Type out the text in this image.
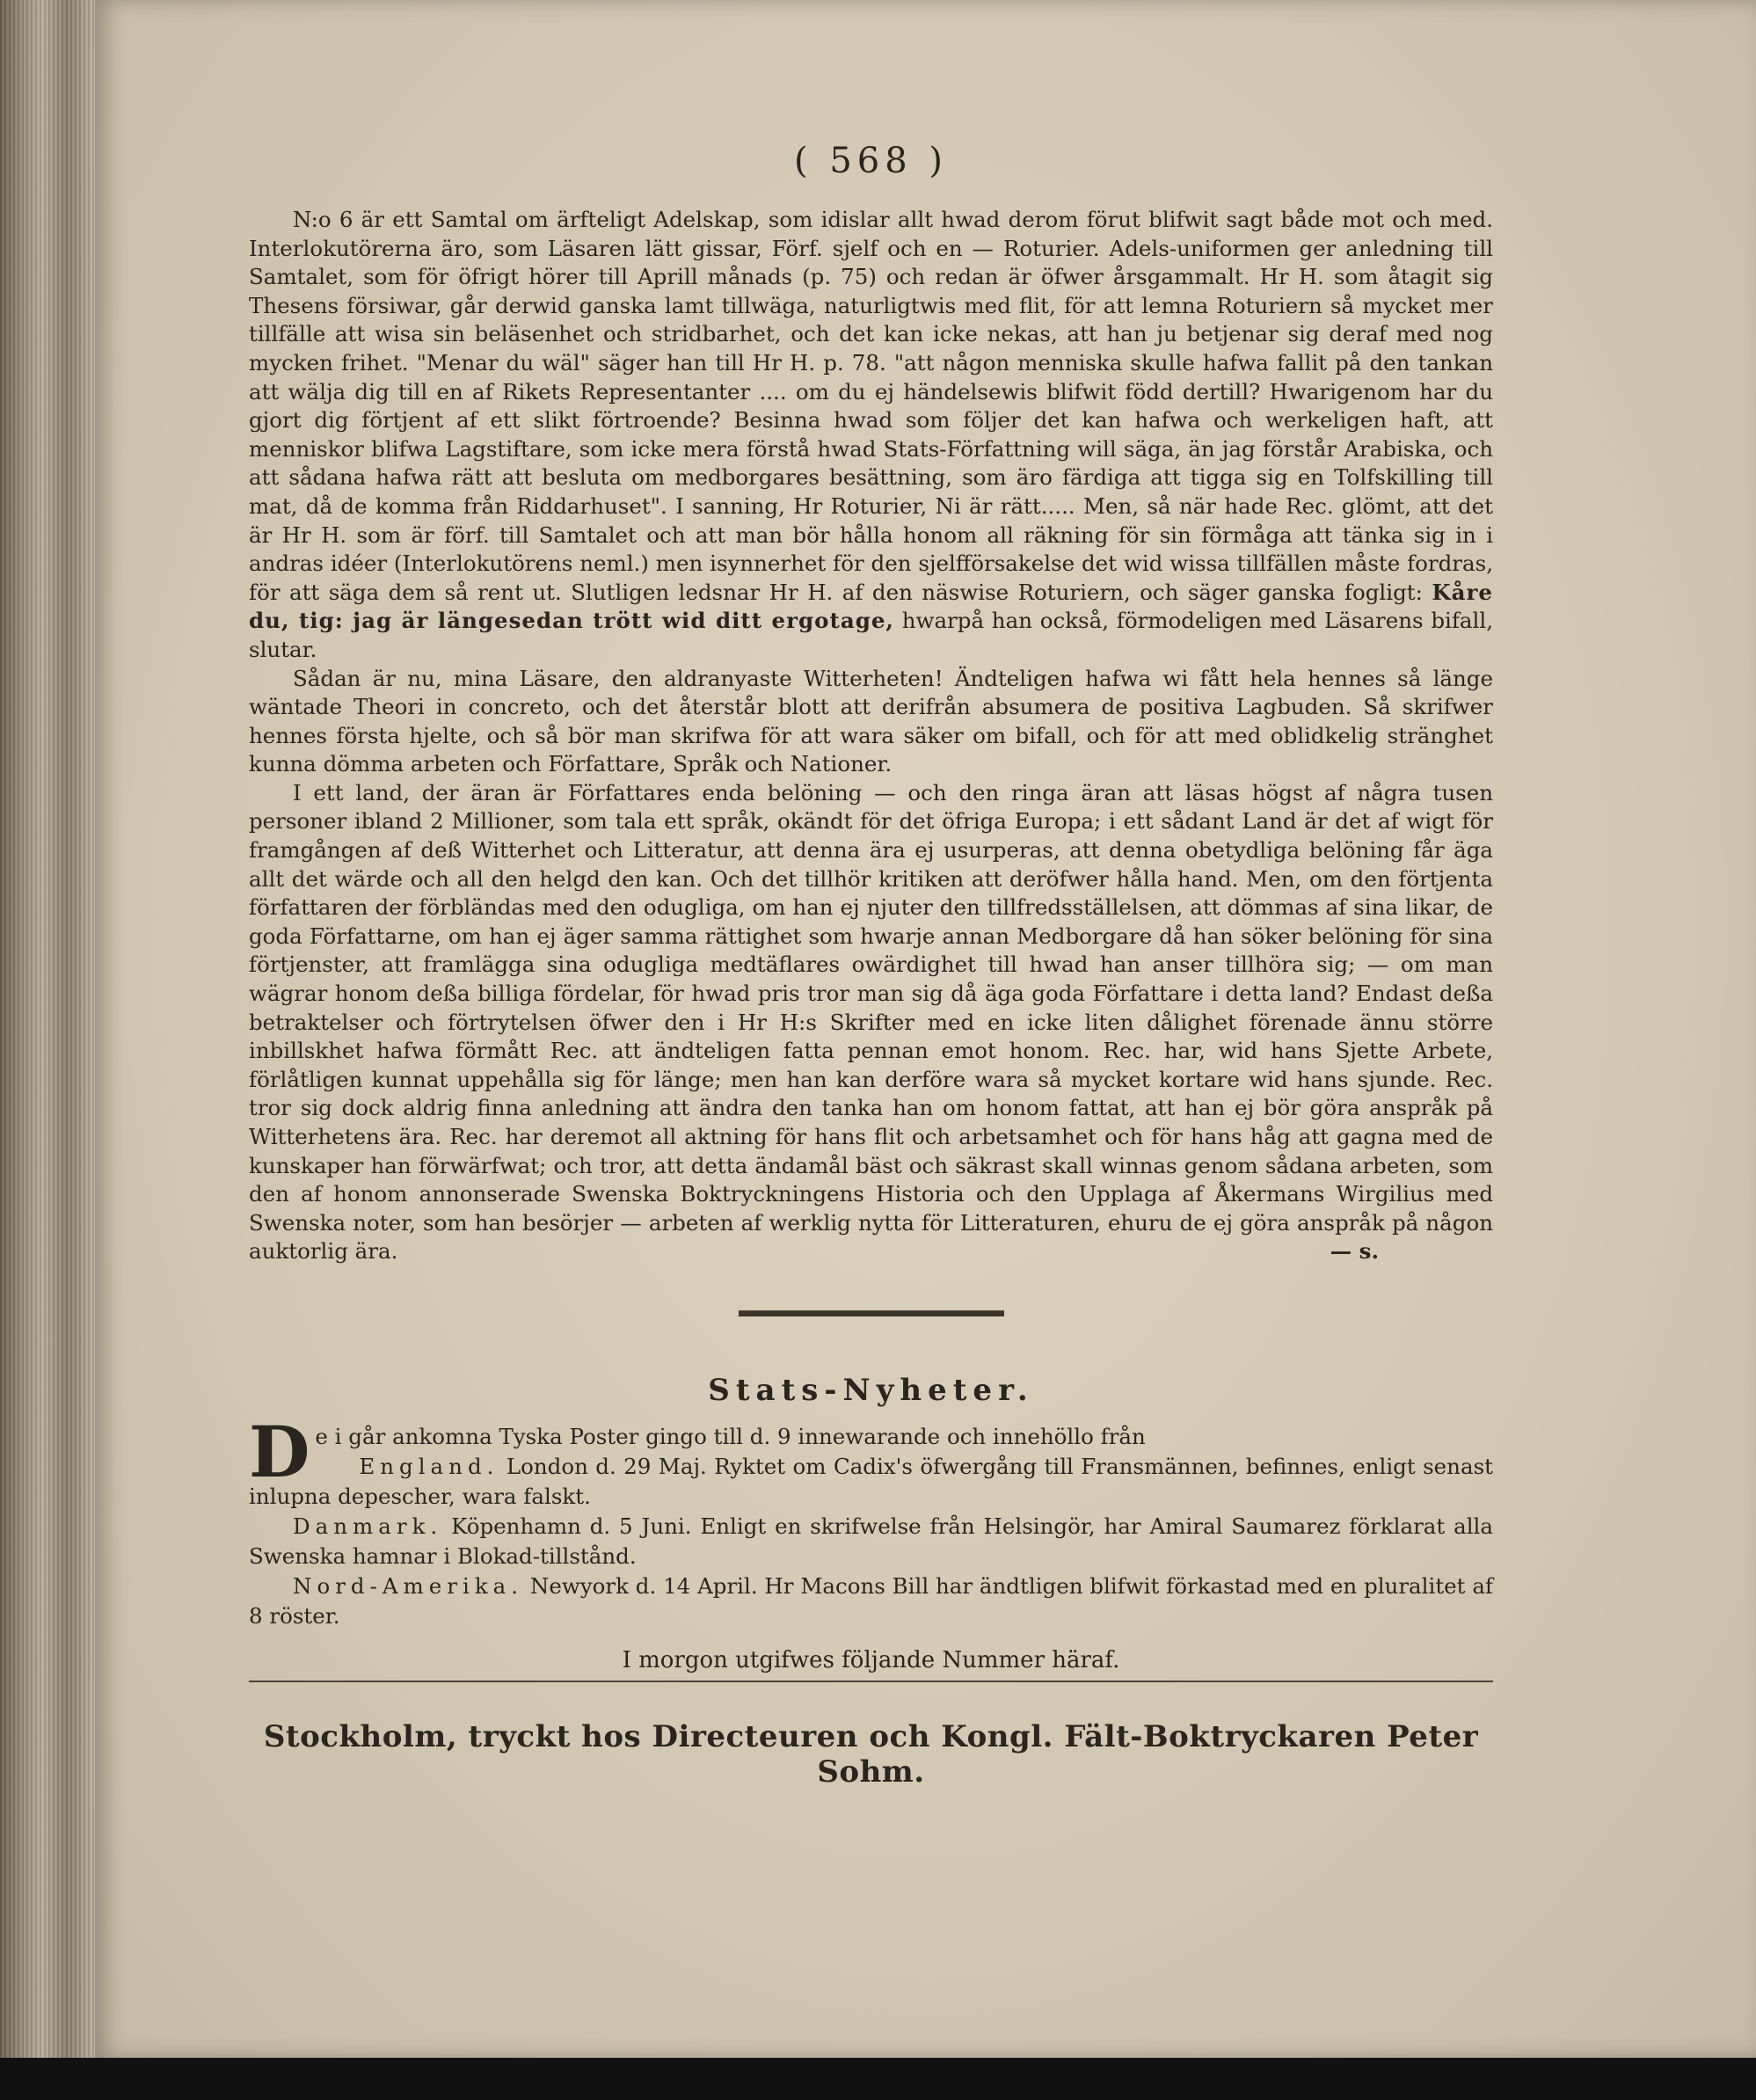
( 568 )

N:o 6 är ett Samtal om ärfteligt Adelskap, som idislar allt hwad derom förut blifwit sagt både mot och med. Interlokutörerna äro, som Läsaren lätt gissar, Förf. sjelf och en — Roturier. Adels-uniformen ger anledning till Samtalet, som för öfrigt hörer till Aprill månads (p. 75) och redan är öfwer årsgammalt. Hr H. som åtagit sig Thesens försiwar, går derwid ganska lamt tillwäga, naturligtwis med flit, för att lemna Roturiern så mycket mer tillfälle att wisa sin beläsenhet och stridbarhet, och det kan icke nekas, att han ju betjenar sig deraf med nog mycken frihet. "Menar du wäl" säger han till Hr H. p. 78. "att någon menniska skulle hafwa fallit på den tankan att wälja dig till en af Rikets Representanter .... om du ej händelsewis blifwit född dertill? Hwarigenom har du gjort dig förtjent af ett slikt förtroende? Besinna hwad som följer det kan hafwa och werkeligen haft, att menniskor blifwa Lagstiftare, som icke mera förstå hwad Stats-Författning will säga, än jag förstår Arabiska, och att sådana hafwa rätt att besluta om medborgares besättning, som äro färdiga att tigga sig en Tolfskilling till mat, då de komma från Riddarhuset". I sanning, Hr Roturier, Ni är rätt..... Men, så när hade Rec. glömt, att det är Hr H. som är förf. till Samtalet och att man bör hålla honom all räkning för sin förmåga att tänka sig in i andras idéer (Interlokutörens neml.) men isynnerhet för den sjelfförsakelse det wid wissa tillfällen måste fordras, för att säga dem så rent ut. Slutligen ledsnar Hr H. af den näswise Roturiern, och säger ganska fogligt: Kåre du, tig: jag är längesedan trött wid ditt ergotage, hwarpå han också, förmodeligen med Läsarens bifall, slutar.

Sådan är nu, mina Läsare, den aldranyaste Witterheten! Ändteligen hafwa wi fått hela hennes så länge wäntade Theori in concreto, och det återstår blott att derifrån absumera de positiva Lagbuden. Så skrifwer hennes första hjelte, och så bör man skrifwa för att wara säker om bifall, och för att med oblidkelig stränghet kunna dömma arbeten och Författare, Språk och Nationer.

I ett land, der äran är Författares enda belöning — och den ringa äran att läsas högst af några tusen personer ibland 2 Millioner, som tala ett språk, okändt för det öfriga Europa; i ett sådant Land är det af wigt för framgången af deß Witterhet och Litteratur, att denna ära ej usurperas, att denna obetydliga belöning får äga allt det wärde och all den helgd den kan. Och det tillhör kritiken att deröfwer hålla hand. Men, om den förtjenta författaren der förbländas med den odugliga, om han ej njuter den tillfredsställelsen, att dömmas af sina likar, de goda Författarne, om han ej äger samma rättighet som hwarje annan Medborgare då han söker belöning för sina förtjenster, att framlägga sina odugliga medtäflares owärdighet till hwad han anser tillhöra sig; — om man wägrar honom deßa billiga fördelar, för hwad pris tror man sig då äga goda Författare i detta land? Endast deßa betraktelser och förtrytelsen öfwer den i Hr H:s Skrifter med en icke liten dålighet förenade ännu större inbillskhet hafwa förmått Rec. att ändteligen fatta pennan emot honom. Rec. har, wid hans Sjette Arbete, förlåtligen kunnat uppehålla sig för länge; men han kan derföre wara så mycket kortare wid hans sjunde. Rec. tror sig dock aldrig finna anledning att ändra den tanka han om honom fattat, att han ej bör göra anspråk på Witterhetens ära. Rec. har deremot all aktning för hans flit och arbetsamhet och för hans håg att gagna med de kunskaper han förwärfwat; och tror, att detta ändamål bäst och säkrast skall winnas genom sådana arbeten, som den af honom annonserade Swenska Boktryckningens Historia och den Upplaga af Åkermans Wirgilius med Swenska noter, som han besörjer — arbeten af werklig nytta för Litteraturen, ehuru de ej göra anspråk på någon auktorlig ära.	— s.

Stats-Nyheter.

D e i går ankomna Tyska Poster gingo till d. 9 innewarande och innehöllo från

England. London d. 29 Maj. Ryktet om Cadix's öfwergång till Fransmännen, befinnes, enligt senast inlupna depescher, wara falskt.

Danmark. Köpenhamn d. 5 Juni. Enligt en skrifwelse från Helsingör, har Amiral Saumarez förklarat alla Swenska hamnar i Blokad-tillstånd.

Nord-Amerika. Newyork d. 14 April. Hr Macons Bill har ändtligen blifwit förkastad med en pluralitet af 8 röster.

I morgon utgifwes följande Nummer häraf.
Stockholm, tryckt hos Directeuren och Kongl. Fält-Boktryckaren Peter Sohm.
